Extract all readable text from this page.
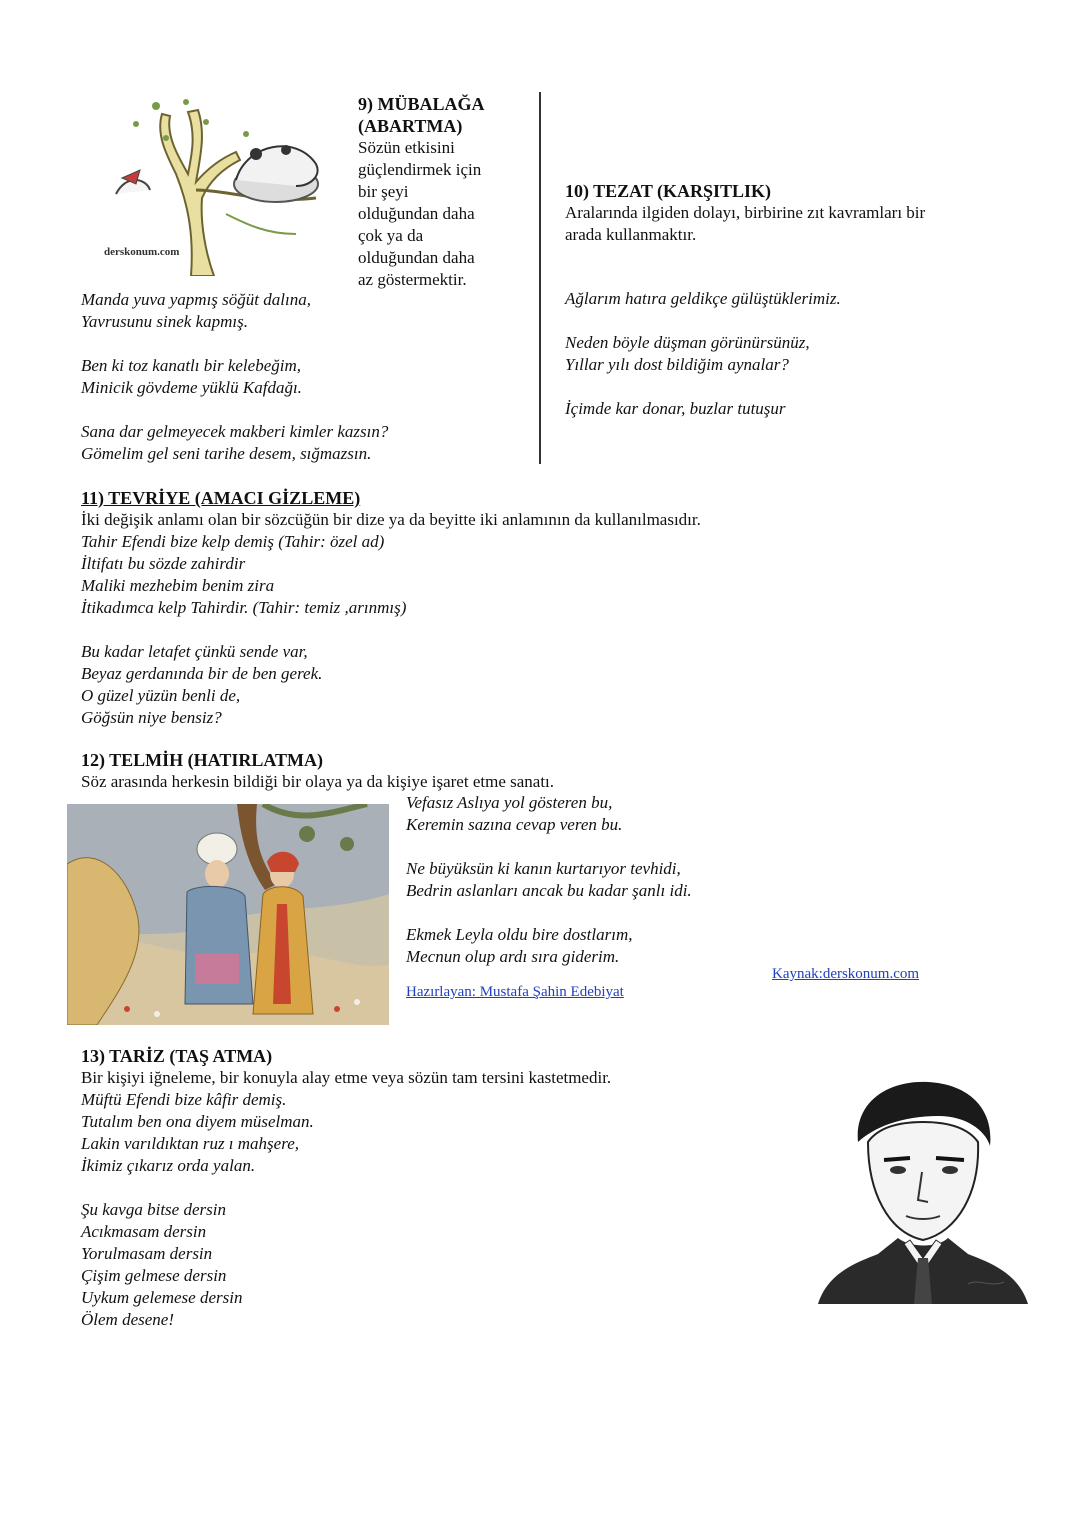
derskonum.com
9) MÜBALAĞA
(ABARTMA)
Sözün etkisini
güçlendirmek için
bir şeyi
olduğundan daha
çok ya da
olduğundan daha
az göstermektir.
Manda yuva yapmış söğüt dalına,
Yavrusunu sinek kapmış.
Ben ki toz kanatlı bir kelebeğim,
Minicik gövdeme yüklü Kafdağı.
Sana dar gelmeyecek makberi kimler kazsın?
Gömelim gel seni tarihe desem, sığmazsın.
10) TEZAT (KARŞITLIK)
Aralarında ilgiden dolayı, birbirine zıt kavramları bir
arada kullanmaktır.
Ağlarım hatıra geldikçe gülüştüklerimiz.
Neden böyle düşman görünürsünüz,
Yıllar yılı dost bildiğim aynalar?
İçimde kar donar, buzlar tutuşur
11) TEVRİYE (AMACI GİZLEME)
İki değişik anlamı olan bir sözcüğün bir dize ya da beyitte iki anlamının da kullanılmasıdır.
Tahir Efendi bize kelp demiş (Tahir: özel ad)
İltifatı bu sözde zahirdir
Maliki mezhebim benim zira
İtikadımca kelp Tahirdir. (Tahir: temiz ,arınmış)
Bu kadar letafet çünkü sende var,
Beyaz gerdanında bir de ben gerek.
O güzel yüzün benli de,
Göğsün niye bensiz?
12) TELMİH (HATIRLATMA)
Söz arasında herkesin bildiği bir olaya ya da kişiye işaret etme sanatı.
Vefasız Aslıya yol gösteren bu,
Keremin sazına cevap veren bu.
Ne büyüksün ki kanın kurtarıyor tevhidi,
Bedrin aslanları ancak bu kadar şanlı idi.
Ekmek Leyla oldu bire dostlarım,
Mecnun olup ardı sıra giderim.
Hazırlayan: Mustafa Şahin Edebiyat
Kaynak:derskonum.com
13) TARİZ (TAŞ ATMA)
Bir kişiyi iğneleme, bir konuyla alay etme veya sözün tam tersini kastetmedir.
Müftü Efendi bize kâfir demiş.
Tutalım ben ona diyem müselman.
Lakin varıldıktan ruz ı mahşere,
İkimiz çıkarız orda yalan.
Şu kavga bitse dersin
Acıkmasam dersin
Yorulmasam dersin
Çişim gelmese dersin
Uykum gelemese dersin
Ölem desene!
